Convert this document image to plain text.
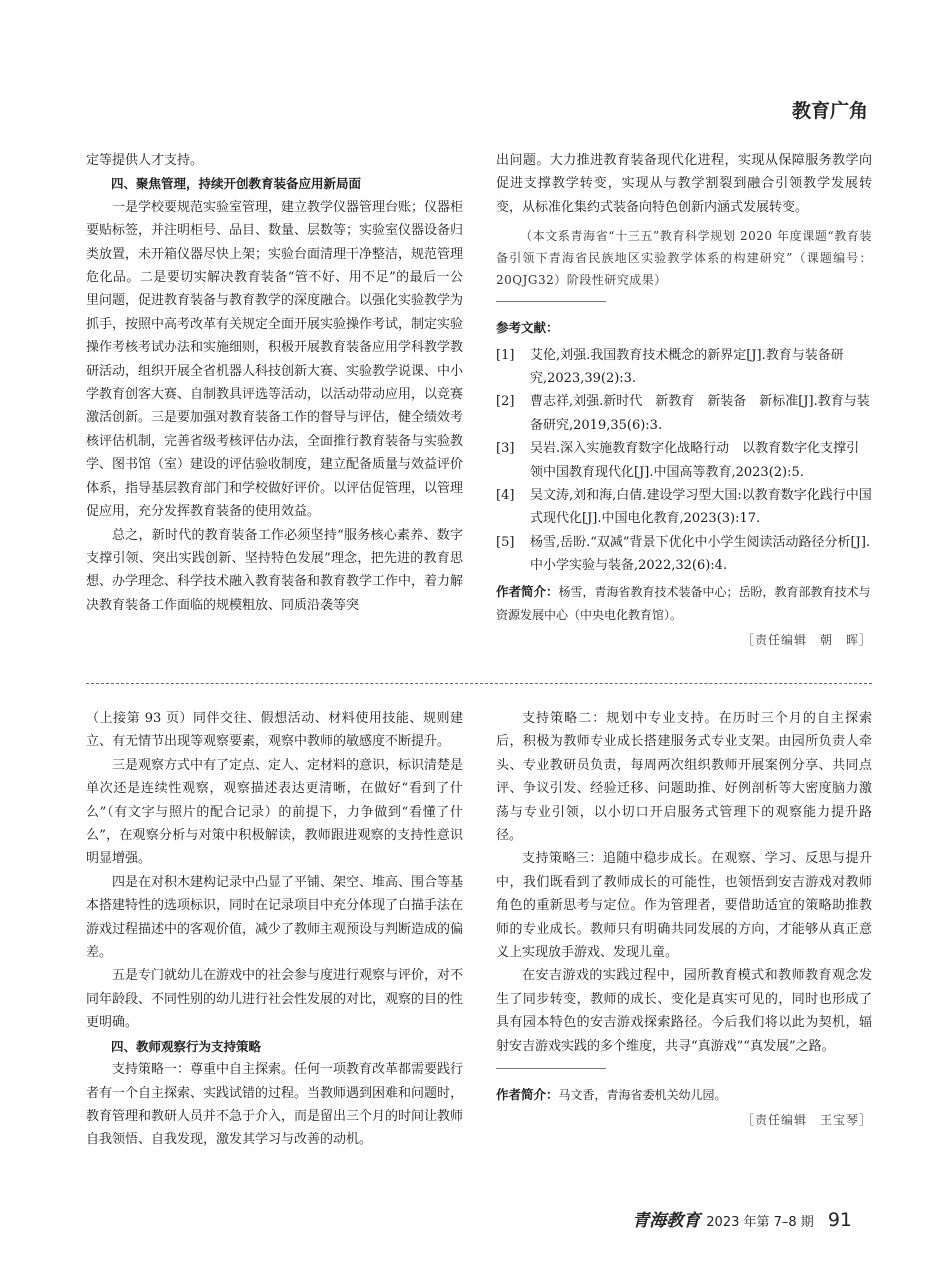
教育广角

定等提供人才支持。

四、聚焦管理，持续开创教育装备应用新局面

一是学校要规范实验室管理，建立教学仪器管理台账；仪器柜要贴标签，并注明柜号、品目、数量、层数等；实验室仪器设备归类放置，未开箱仪器尽快上架；实验台面清理干净整洁，规范管理危化品。二是要切实解决教育装备“管不好、用不足”的最后一公里问题，促进教育装备与教育教学的深度融合。以强化实验教学为抓手，按照中高考改革有关规定全面开展实验操作考试，制定实验操作考核考试办法和实施细则，积极开展教育装备应用学科教学教研活动，组织开展全省机器人科技创新大赛、实验教学说课、中小学教育创客大赛、自制教具评选等活动，以活动带动应用，以竞赛激活创新。三是要加强对教育装备工作的督导与评估，健全绩效考核评估机制，完善省级考核评估办法，全面推行教育装备与实验教学、图书馆（室）建设的评估验收制度，建立配备质量与效益评价体系，指导基层教育部门和学校做好评价。以评估促管理，以管理促应用，充分发挥教育装备的使用效益。

总之，新时代的教育装备工作必须坚持“服务核心素养、数字支撑引领、突出实践创新、坚持特色发展”理念，把先进的教育思想、办学理念、科学技术融入教育装备和教育教学工作中，着力解决教育装备工作面临的规模粗放、同质沿袭等突

出问题。大力推进教育装备现代化进程，实现从保障服务教学向促进支撑教学转变，实现从与教学割裂到融合引领教学发展转变，从标准化集约式装备向特色创新内涵式发展转变。

（本文系青海省“十三五”教育科学规划 2020 年度课题“教育装备引领下青海省民族地区实验教学体系的构建研究”（课题编号：20QJG32）阶段性研究成果）

参考文献：
[1]	艾伦,刘强.我国教育技术概念的新界定[J].教育与装备研究,2023,39(2):3.
[2]	曹志祥,刘强.新时代　新教育　新装备　新标准[J].教育与装备研究,2019,35(6):3.
[3]	吴岩.深入实施教育数字化战略行动　以教育数字化支撑引领中国教育现代化[J].中国高等教育,2023(2):5.
[4]	吴文涛,刘和海,白倩.建设学习型大国:以教育数字化践行中国式现代化[J].中国电化教育,2023(3):17.
[5]	杨雪,岳盼.“双减”背景下优化中小学生阅读活动路径分析[J].中小学实验与装备,2022,32(6):4.
作者简介：杨雪，青海省教育技术装备中心；岳盼，教育部教育技术与资源发展中心（中央电化教育馆）。
［责任编辑　朝　晖］

（上接第 93 页）同伴交往、假想活动、材料使用技能、规则建立、有无情节出现等观察要素，观察中教师的敏感度不断提升。

三是观察方式中有了定点、定人、定材料的意识，标识清楚是单次还是连续性观察，观察描述表达更清晰，在做好“看到了什么”（有文字与照片的配合记录）的前提下，力争做到“看懂了什么”，在观察分析与对策中积极解读，教师跟进观察的支持性意识明显增强。

四是在对积木建构记录中凸显了平铺、架空、堆高、围合等基本搭建特性的选项标识，同时在记录项目中充分体现了白描手法在游戏过程描述中的客观价值，减少了教师主观预设与判断造成的偏差。

五是专门就幼儿在游戏中的社会参与度进行观察与评价，对不同年龄段、不同性别的幼儿进行社会性发展的对比，观察的目的性更明确。

四、教师观察行为支持策略

支持策略一：尊重中自主探索。任何一项教育改革都需要践行者有一个自主探索、实践试错的过程。当教师遇到困难和问题时，教育管理和教研人员并不急于介入，而是留出三个月的时间让教师自我领悟、自我发现，激发其学习与改善的动机。

支持策略二：规划中专业支持。在历时三个月的自主探索后，积极为教师专业成长搭建服务式专业支架。由园所负责人牵头、专业教研员负责，每周两次组织教师开展案例分享、共同点评、争议引发、经验迁移、问题助推、好例剖析等大密度脑力激荡与专业引领，以小切口开启服务式管理下的观察能力提升路径。

支持策略三：追随中稳步成长。在观察、学习、反思与提升中，我们既看到了教师成长的可能性，也领悟到安吉游戏对教师角色的重新思考与定位。作为管理者，要借助适宜的策略助推教师的专业成长。教师只有明确共同发展的方向，才能够从真正意义上实现放手游戏、发现儿童。

在安吉游戏的实践过程中，园所教育模式和教师教育观念发生了同步转变，教师的成长、变化是真实可见的，同时也形成了具有园本特色的安吉游戏探索路径。今后我们将以此为契机，辐射安吉游戏实践的多个维度，共寻“真游戏”“真发展”之路。

作者简介：马文香，青海省委机关幼儿园。
［责任编辑　王宝琴］
青海教育 2023 年第 7–8 期 91
